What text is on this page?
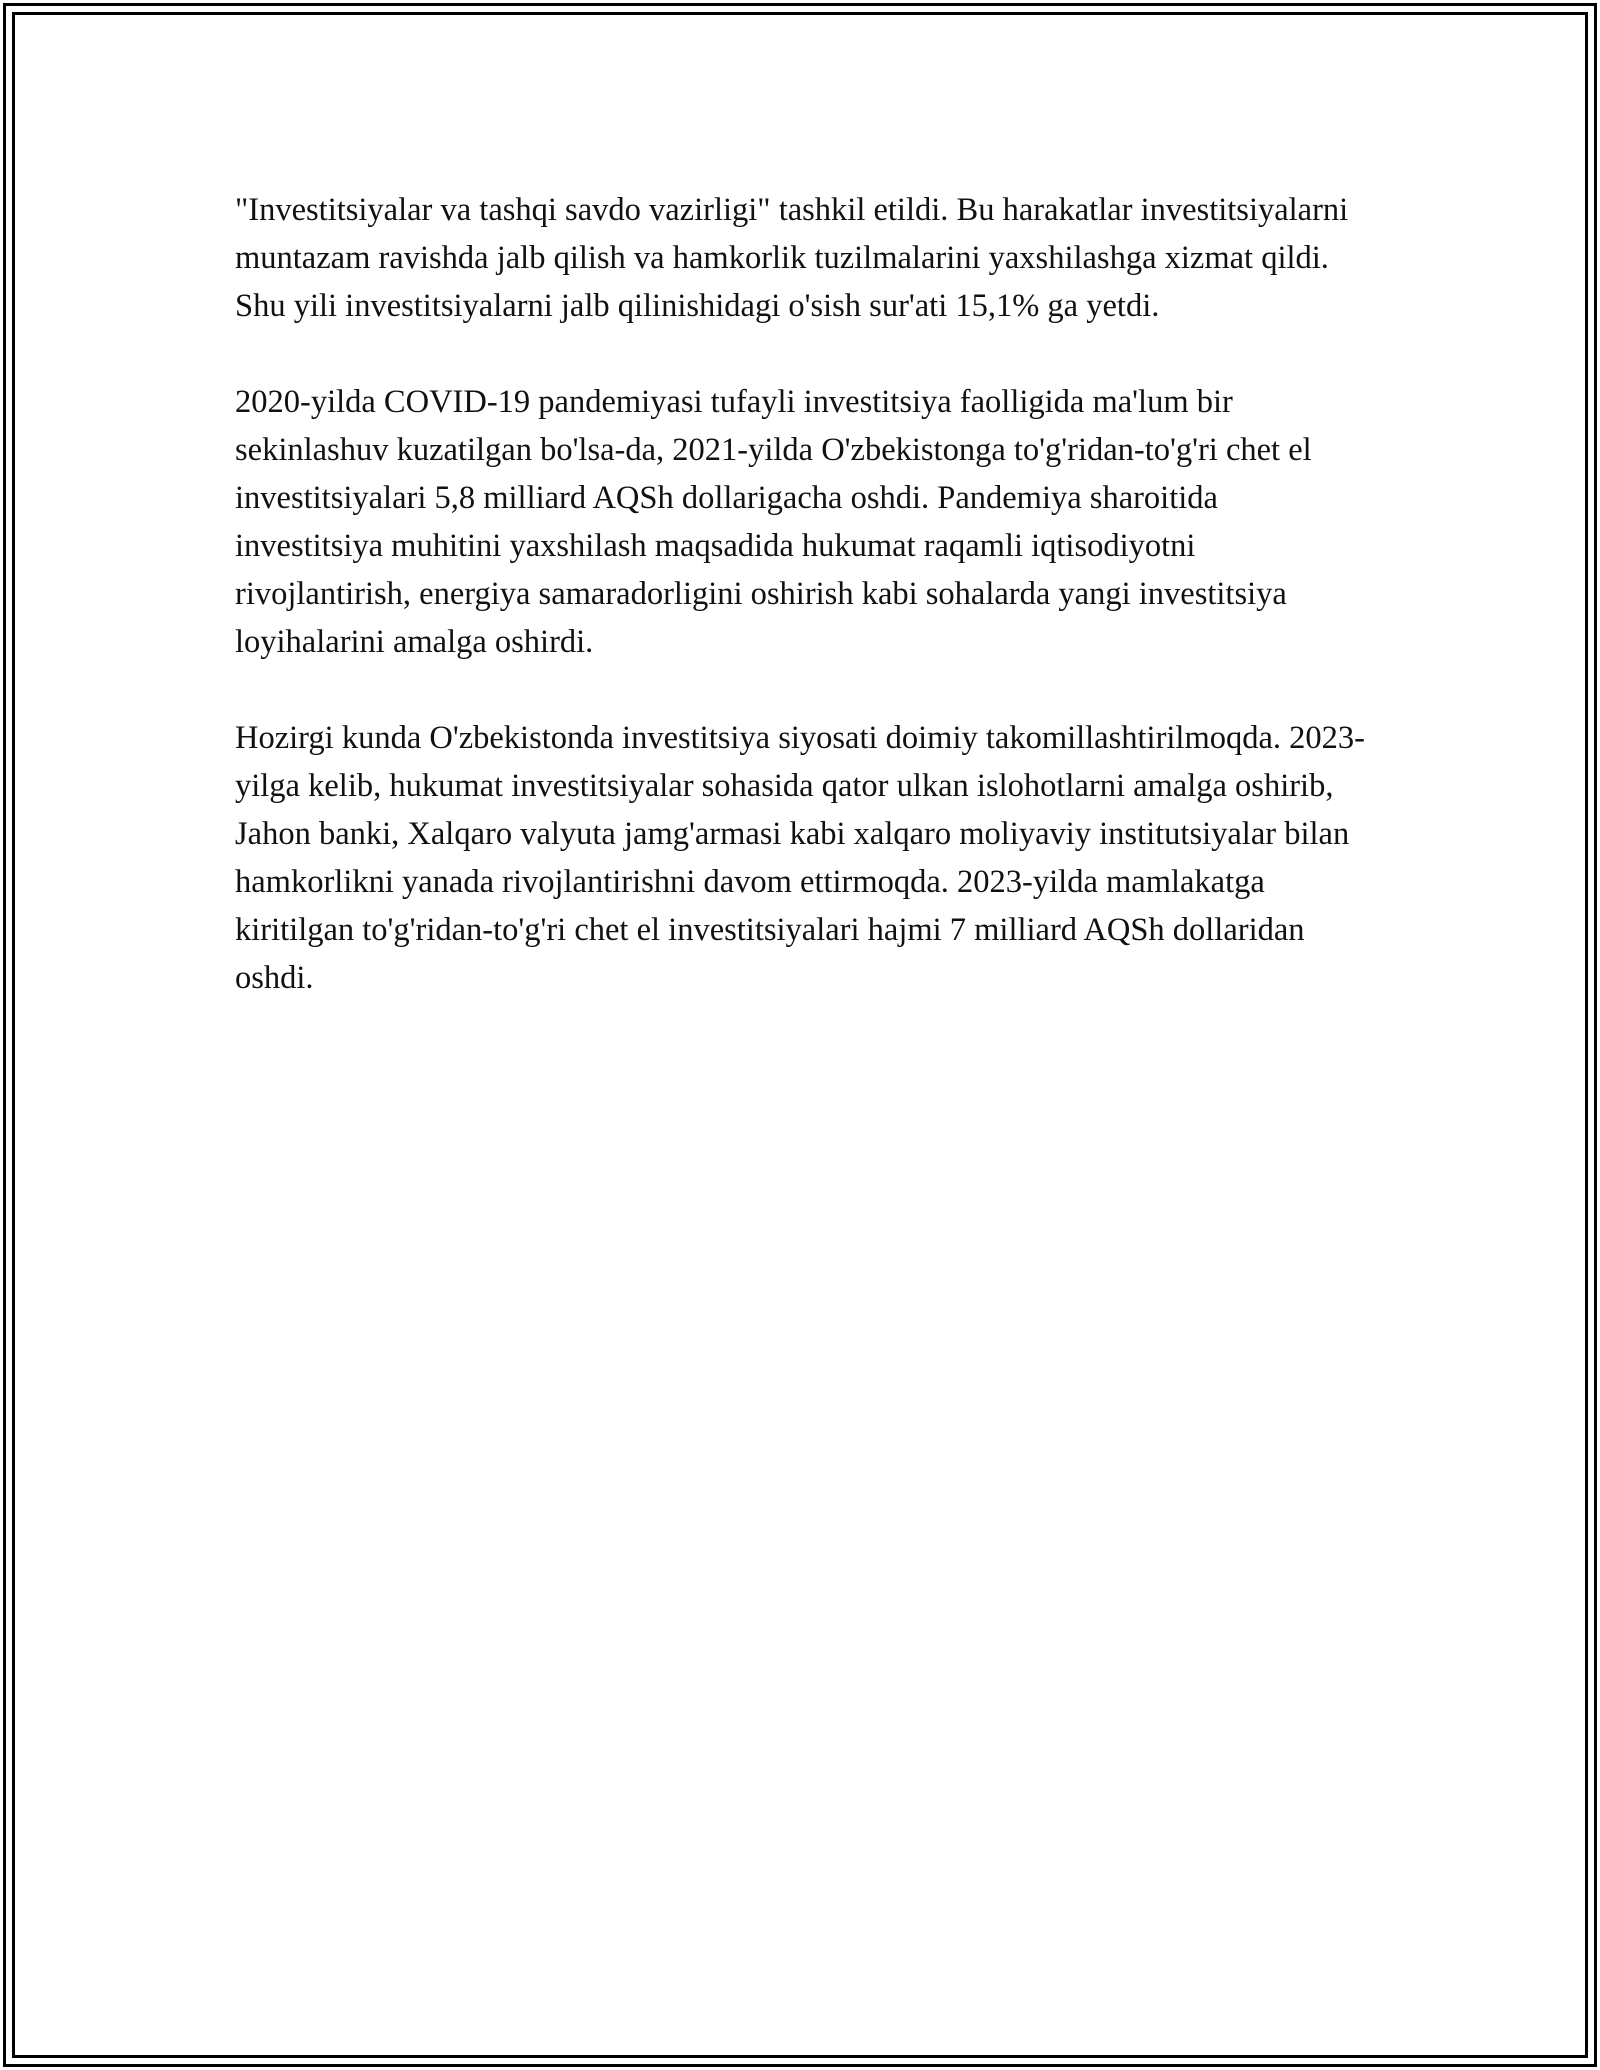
"Investitsiyalar va tashqi savdo vazirligi" tashkil etildi. Bu harakatlar investitsiyalarni muntazam ravishda jalb qilish va hamkorlik tuzilmalarini yaxshilashga xizmat qildi. Shu yili investitsiyalarni jalb qilinishidagi o'sish sur'ati 15,1% ga yetdi.

2020-yilda COVID-19 pandemiyasi tufayli investitsiya faolligida ma'lum bir sekinlashuv kuzatilgan bo'lsa-da, 2021-yilda O'zbekistonga to'g'ridan-to'g'ri chet el investitsiyalari 5,8 milliard AQSh dollarigacha oshdi. Pandemiya sharoitida investitsiya muhitini yaxshilash maqsadida hukumat raqamli iqtisodiyotni rivojlantirish, energiya samaradorligini oshirish kabi sohalarda yangi investitsiya loyihalarini amalga oshirdi.

Hozirgi kunda O'zbekistonda investitsiya siyosati doimiy takomillashtirilmoqda. 2023-yilga kelib, hukumat investitsiyalar sohasida qator ulkan islohotlarni amalga oshirib, Jahon banki, Xalqaro valyuta jamg'armasi kabi xalqaro moliyaviy institutsiyalar bilan hamkorlikni yanada rivojlantirishni davom ettirmoqda. 2023-yilda mamlakatga kiritilgan to'g'ridan-to'g'ri chet el investitsiyalari hajmi 7 milliard AQSh dollaridan oshdi.
